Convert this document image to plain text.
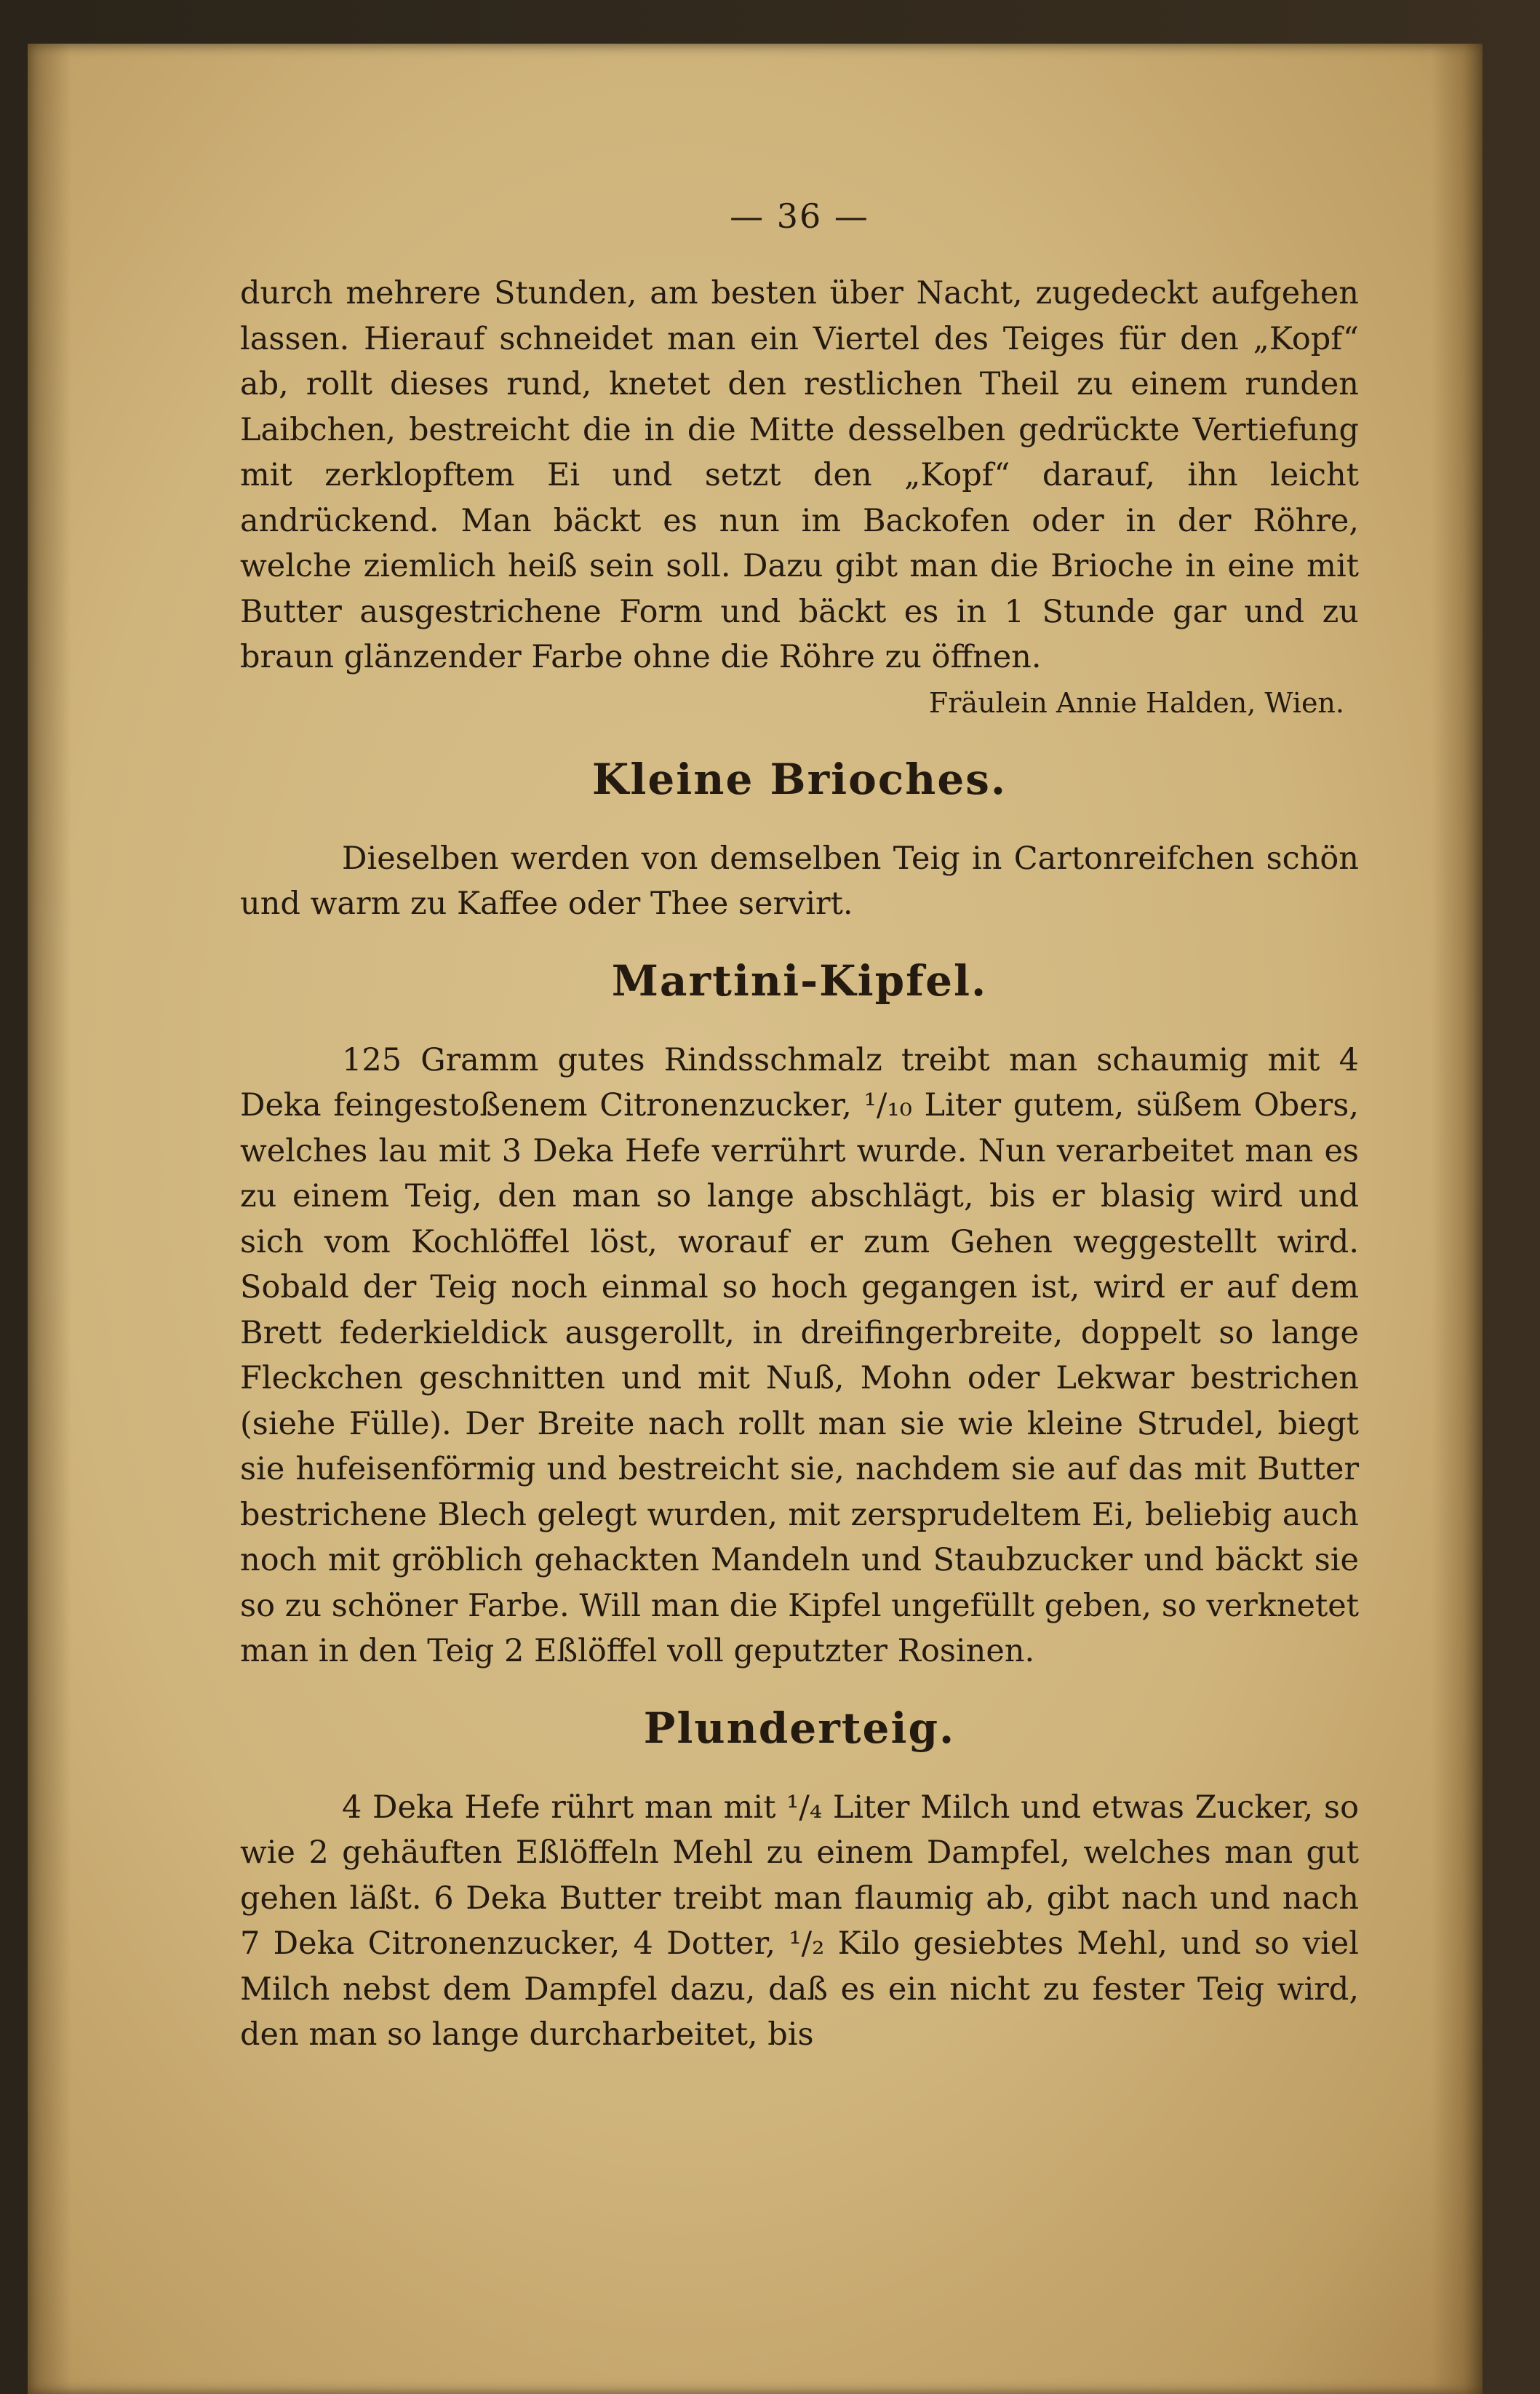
— 36 —

durch mehrere Stunden, am besten über Nacht, zugedeckt aufgehen lassen. Hierauf schneidet man ein Viertel des Teiges für den „Kopf“ ab, rollt dieses rund, knetet den restlichen Theil zu einem runden Laibchen, bestreicht die in die Mitte desselben gedrückte Vertiefung mit zerklopftem Ei und setzt den „Kopf“ darauf, ihn leicht andrückend. Man bäckt es nun im Backofen oder in der Röhre, welche ziemlich heiß sein soll. Dazu gibt man die Brioche in eine mit Butter ausgestrichene Form und bäckt es in 1 Stunde gar und zu braun glänzender Farbe ohne die Röhre zu öffnen.

Fräulein Annie Halden, Wien.
Kleine Brioches.

Dieselben werden von demselben Teig in Cartonreifchen schön und warm zu Kaffee oder Thee servirt.

Martini-Kipfel.

125 Gramm gutes Rindsschmalz treibt man schaumig mit 4 Deka feingestoßenem Citronenzucker, ¹/₁₀ Liter gutem, süßem Obers, welches lau mit 3 Deka Hefe verrührt wurde. Nun verarbeitet man es zu einem Teig, den man so lange abschlägt, bis er blasig wird und sich vom Kochlöffel löst, worauf er zum Gehen weggestellt wird. Sobald der Teig noch einmal so hoch gegangen ist, wird er auf dem Brett federkieldick ausgerollt, in dreifingerbreite, doppelt so lange Fleckchen geschnitten und mit Nuß, Mohn oder Lekwar bestrichen (siehe Fülle). Der Breite nach rollt man sie wie kleine Strudel, biegt sie hufeisenförmig und bestreicht sie, nachdem sie auf das mit Butter bestrichene Blech gelegt wurden, mit zersprudeltem Ei, beliebig auch noch mit gröblich gehackten Mandeln und Staubzucker und bäckt sie so zu schöner Farbe. Will man die Kipfel ungefüllt geben, so verknetet man in den Teig 2 Eßlöffel voll geputzter Rosinen.

Plunderteig.

4 Deka Hefe rührt man mit ¹/₄ Liter Milch und etwas Zucker, so wie 2 gehäuften Eßlöffeln Mehl zu einem Dampfel, welches man gut gehen läßt. 6 Deka Butter treibt man flaumig ab, gibt nach und nach 7 Deka Citronenzucker, 4 Dotter, ¹/₂ Kilo gesiebtes Mehl, und so viel Milch nebst dem Dampfel dazu, daß es ein nicht zu fester Teig wird, den man so lange durcharbeitet, bis
